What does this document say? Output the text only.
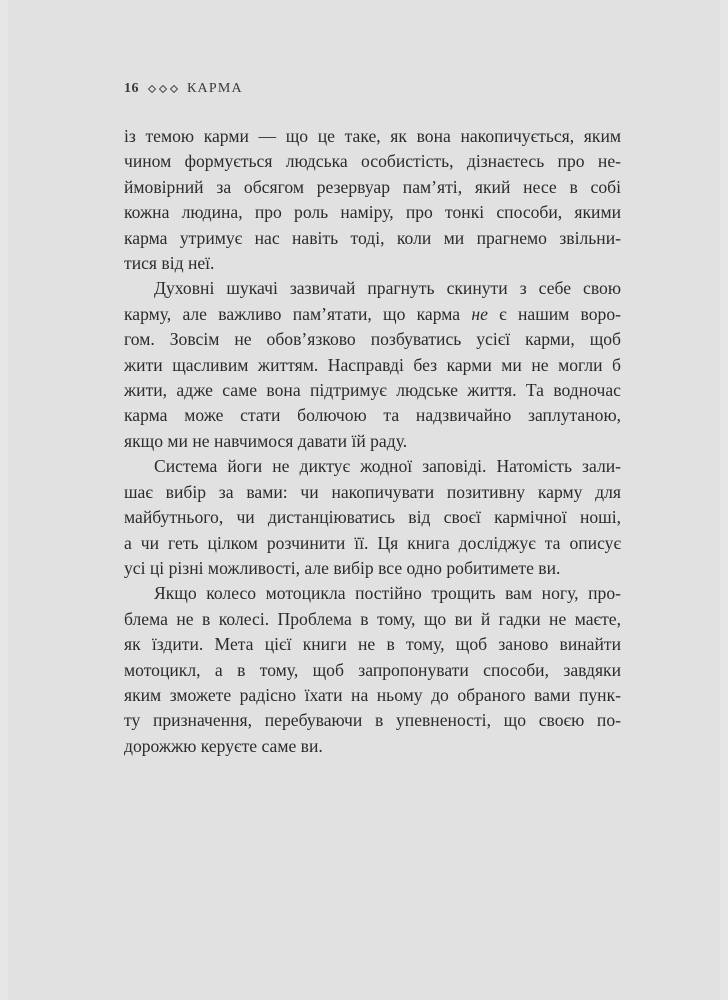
16	КАРМА
із темою карми — що це таке, як вона накопичується, яким
чином формується людська особистість, дізнаєтесь про не-
ймовірний за обсягом резервуар пам’яті, який несе в собі
кожна людина, про роль наміру, про тонкі способи, якими
карма утримує нас навіть тоді, коли ми прагнемо звільни-
тися від неї.
Духовні шукачі зазвичай прагнуть скинути з себе свою
карму, але важливо пам’ятати, що карма не є нашим воро-
гом. Зовсім не обов’язково позбуватись усієї карми, щоб
жити щасливим життям. Насправді без карми ми не могли б
жити, адже саме вона підтримує людське життя. Та водночас
карма може стати болючою та надзвичайно заплутаною,
якщо ми не навчимося давати їй раду.
Система йоги не диктує жодної заповіді. Натомість зали-
шає вибір за вами: чи накопичувати позитивну карму для
майбутнього, чи дистанціюватись від своєї кармічної ноші,
а чи геть цілком розчинити її. Ця книга досліджує та описує
усі ці різні можливості, але вибір все одно робитимете ви.
Якщо колесо мотоцикла постійно трощить вам ногу, про-
блема не в колесі. Проблема в тому, що ви й гадки не маєте,
як їздити. Мета цієї книги не в тому, щоб заново винайти
мотоцикл, а в тому, щоб запропонувати способи, завдяки
яким зможете радісно їхати на ньому до обраного вами пунк-
ту призначення, перебуваючи в упевненості, що своєю по-
дорожжю керуєте саме ви.
